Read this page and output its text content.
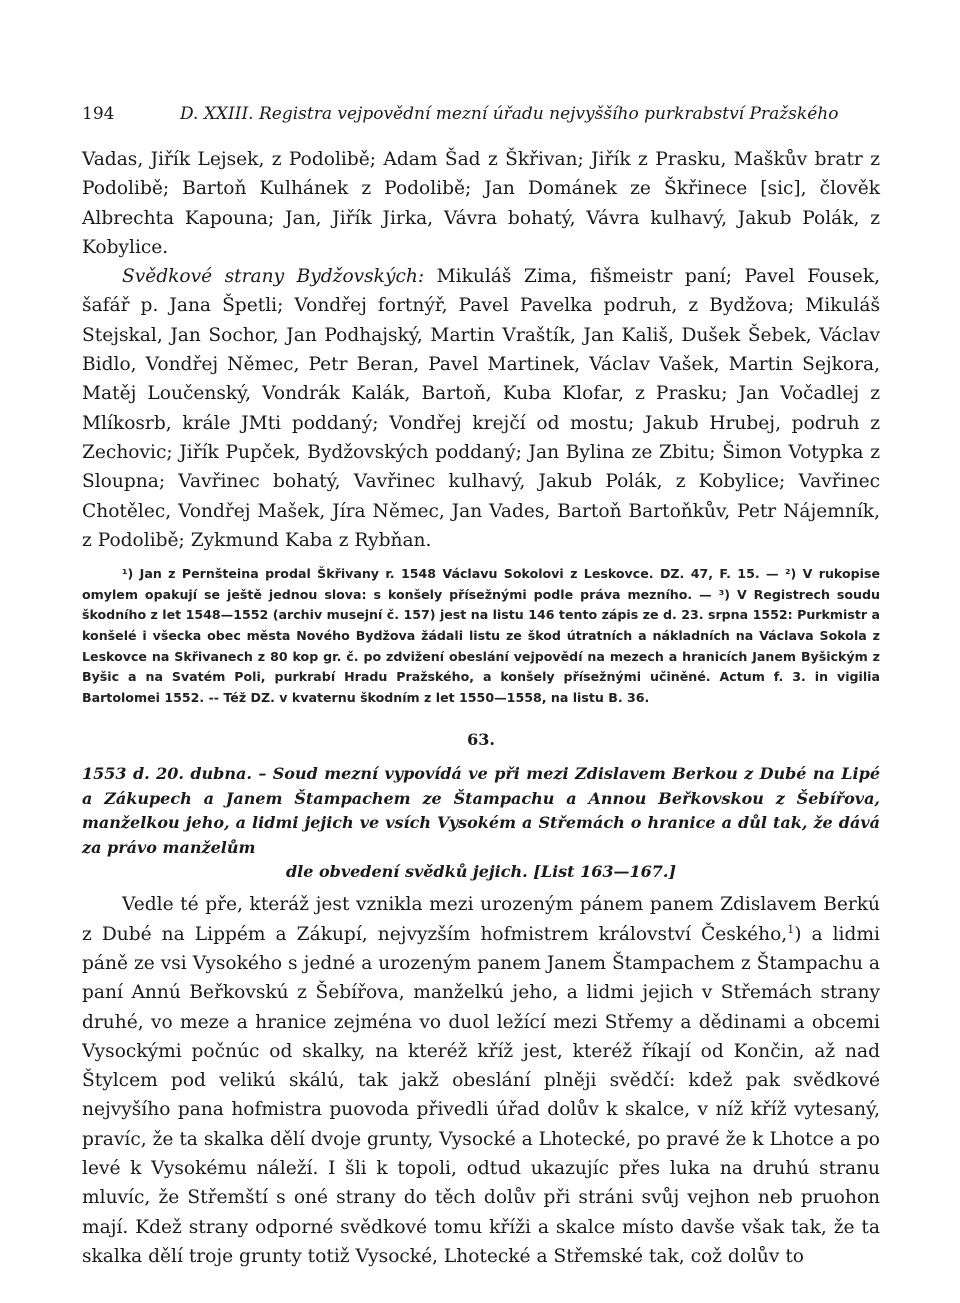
194	D. XXIII. Registra vejpovědní mezní úřadu nejvyššího purkrabství Pražského

Vadas, Jiřík Lejsek, z Podolibě; Adam Šad z Škřivan; Jiřík z Prasku, Maškův bratr z Podolibě; Bartoň Kulhánek z Podolibě; Jan Dománek ze Škřinece [sic], člověk Albrechta Kapouna; Jan, Jiřík Jirka, Vávra bohatý, Vávra kulhavý, Jakub Polák, z Kobylice.

Svědkové strany Bydžovských: Mikuláš Zima, fišmeistr paní; Pavel Fousek, šafář p. Jana Špetli; Vondřej fortnýř, Pavel Pavelka podruh, z Bydžova; Mikuláš Stejskal, Jan Sochor, Jan Podhajský, Martin Vraštík, Jan Kališ, Dušek Šebek, Václav Bidlo, Vondřej Němec, Petr Beran, Pavel Martinek, Václav Vašek, Martin Sejkora, Matěj Loučenský, Vondrák Kalák, Bartoň, Kuba Klofar, z Prasku; Jan Vočadlej z Mlíkosrb, krále JMti poddaný; Vondřej krejčí od mostu; Jakub Hrubej, podruh z Zechovic; Jiřík Pupček, Bydžovských poddaný; Jan Bylina ze Zbitu; Šimon Votypka z Sloupna; Vavřinec bohatý, Vavřinec kulhavý, Jakub Polák, z Kobylice; Vavřinec Chotělec, Vondřej Mašek, Jíra Němec, Jan Vades, Bartoň Bartoňkův, Petr Nájemník, z Podolibě; Zykmund Kaba z Rybňan.

¹) Jan z Pernšteina prodal Škřivany r. 1548 Václavu Sokolovi z Leskovce. DZ. 47, F. 15. — ²) V rukopise omylem opakují se ještě jednou slova: s konšely přísežnými podle práva mezního. — ³) V Registrech soudu škodního z let 1548—1552 (archiv musejní č. 157) jest na listu 146 tento zápis ze d. 23. srpna 1552: Purkmistr a konšelé i všecka obec města Nového Bydžova žádali listu ze škod útratních a nákladních na Václava Sokola z Leskovce na Skřivanech z 80 kop gr. č. po zdvižení obeslání vejpovědí na mezech a hranicích Janem Byšickým z Byšic a na Svatém Poli, purkrabí Hradu Pražského, a konšely přísežnými učiněné. Actum f. 3. in vigilia Bartolomei 1552. -- Též DZ. v kvaternu škodním z let 1550—1558, na listu B. 36.

63.
1553 d. 20. dubna. – Soud mezní vypovídá ve při mezi Zdislavem Berkou z Dubé na Lipé a Zákupech a Janem Štampachem ze Štampachu a Annou Beřkovskou z Šebířova, manželkou jeho, a lidmi jejich ve vsích Vysokém a Střemách o hranice a důl tak, že dává za právo manželům
dle obvedení svědků jejich. [List 163—167.]

Vedle té pře, kteráž jest vznikla mezi urozeným pánem panem Zdislavem Berkú z Dubé na Lippém a Zákupí, nejvyzším hofmistrem království Českého,$^1$) a lidmi páně ze vsi Vysokého s jedné a urozeným panem Janem Štampachem z Štampachu a paní Annú Beřkovskú z Šebířova, manželkú jeho, a lidmi jejich v Střemách strany druhé, vo meze a hranice zejména vo duol ležící mezi Střemy a dědinami a obcemi Vysockými počnúc od skalky, na kteréž kříž jest, kteréž říkají od Končin, až nad Štylcem pod velikú skálú, tak jakž obeslání plněji svědčí: kdež pak svědkové nejvyšího pana hofmistra puovoda přivedli úřad dolův k skalce, v níž kříž vytesaný, pravíc, že ta skalka dělí dvoje grunty, Vysocké a Lhotecké, po pravé že k Lhotce a po levé k Vysokému náleží. I šli k topoli, odtud ukazujíc přes luka na druhú stranu mluvíc, že Střemští s oné strany do těch dolův při stráni svůj vejhon neb pruohon mají. Kdež strany odporné svědkové tomu kříži a skalce místo davše však tak, že ta skalka dělí troje grunty totiž Vysocké, Lhotecké a Střemské tak, což dolův to
